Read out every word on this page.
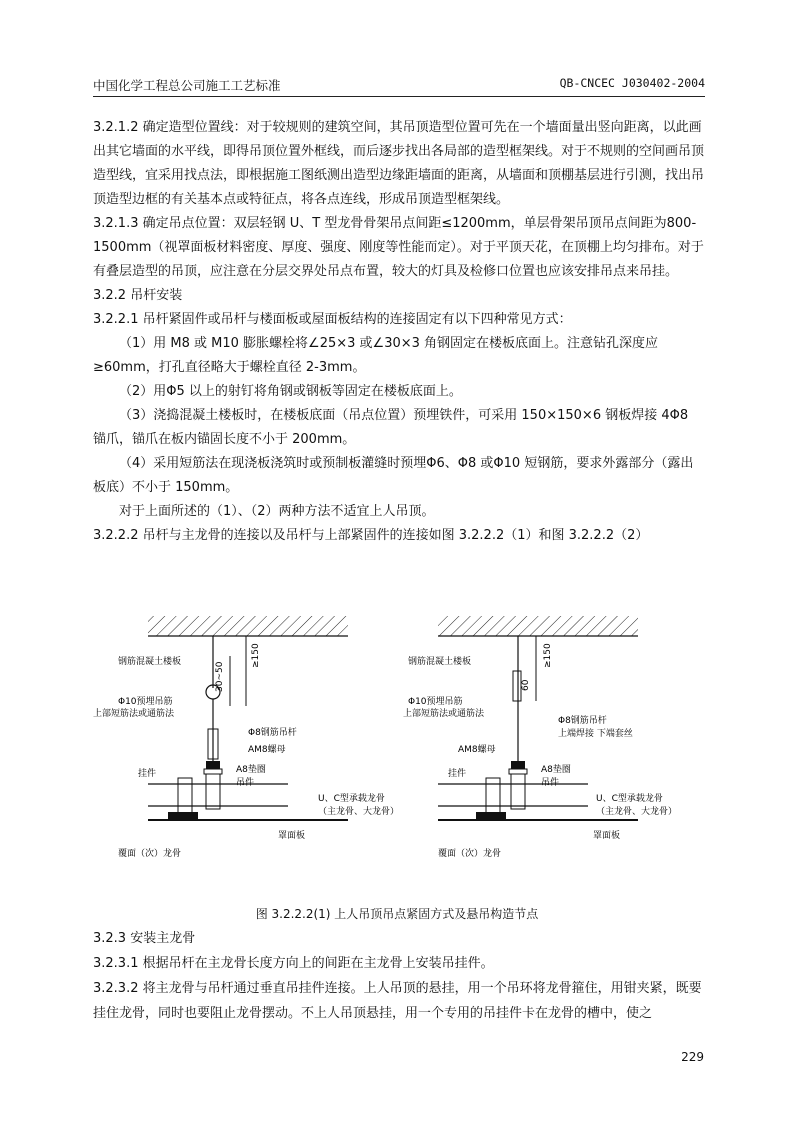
中国化学工程总公司施工工艺标准	QB-CNCEC J030402-2004

3.2.1.2 确定造型位置线：对于较规则的建筑空间，其吊顶造型位置可先在一个墙面量出竖向距离，以此画出其它墙面的水平线，即得吊顶位置外框线，而后逐步找出各局部的造型框架线。对于不规则的空间画吊顶造型线，宜采用找点法，即根据施工图纸测出造型边缘距墙面的距离，从墙面和顶棚基层进行引测，找出吊顶造型边框的有关基本点或特征点，将各点连线，形成吊顶造型框架线。

3.2.1.3 确定吊点位置：双层轻钢 U、T 型龙骨骨架吊点间距≤1200mm，单层骨架吊顶吊点间距为800-1500mm（视罩面板材料密度、厚度、强度、刚度等性能而定）。对于平顶天花，在顶棚上均匀排布。对于有叠层造型的吊顶，应注意在分层交界处吊点布置，较大的灯具及检修口位置也应该安排吊点来吊挂。

3.2.2 吊杆安装

3.2.2.1 吊杆紧固件或吊杆与楼面板或屋面板结构的连接固定有以下四种常见方式：

（1）用 M8 或 M10 膨胀螺栓将∠25×3 或∠30×3 角钢固定在楼板底面上。注意钻孔深度应≥60mm，打孔直径略大于螺栓直径 2-3mm。

（2）用Φ5 以上的射钉将角钢或钢板等固定在楼板底面上。

（3）浇捣混凝土楼板时，在楼板底面（吊点位置）预埋铁件，可采用 150×150×6 钢板焊接 4Φ8 锚爪，锚爪在板内锚固长度不小于 200mm。

（4）采用短筋法在现浇板浇筑时或预制板灌缝时预埋Φ6、Φ8 或Φ10 短钢筋，要求外露部分（露出板底）不小于 150mm。

对于上面所述的（1）、（2）两种方法不适宜上人吊顶。

3.2.2.2 吊杆与主龙骨的连接以及吊杆与上部紧固件的连接如图 3.2.2.2（1）和图 3.2.2.2（2）

30~50
≥150
钢筋混凝土楼板
Φ10预埋吊筋
上部短筋法或通筋法
Φ8钢筋吊杆
AM8螺母
A8垫圈
吊件
挂件
U、C型承载龙骨
（主龙骨、大龙骨）
覆面（次）龙骨
罩面板
60
≥150
钢筋混凝土楼板
Φ10预埋吊筋
上部短筋法或通筋法
Φ8钢筋吊杆
上端焊接 下端套丝
AM8螺母
A8垫圈
吊件
挂件
U、C型承载龙骨
（主龙骨、大龙骨）
覆面（次）龙骨
罩面板
图 3.2.2.2(1) 上人吊顶吊点紧固方式及悬吊构造节点

3.2.3 安装主龙骨

3.2.3.1 根据吊杆在主龙骨长度方向上的间距在主龙骨上安装吊挂件。

3.2.3.2 将主龙骨与吊杆通过垂直吊挂件连接。上人吊顶的悬挂，用一个吊环将龙骨箍住，用钳夹紧，既要挂住龙骨，同时也要阻止龙骨摆动。不上人吊顶悬挂，用一个专用的吊挂件卡在龙骨的槽中，使之

229
